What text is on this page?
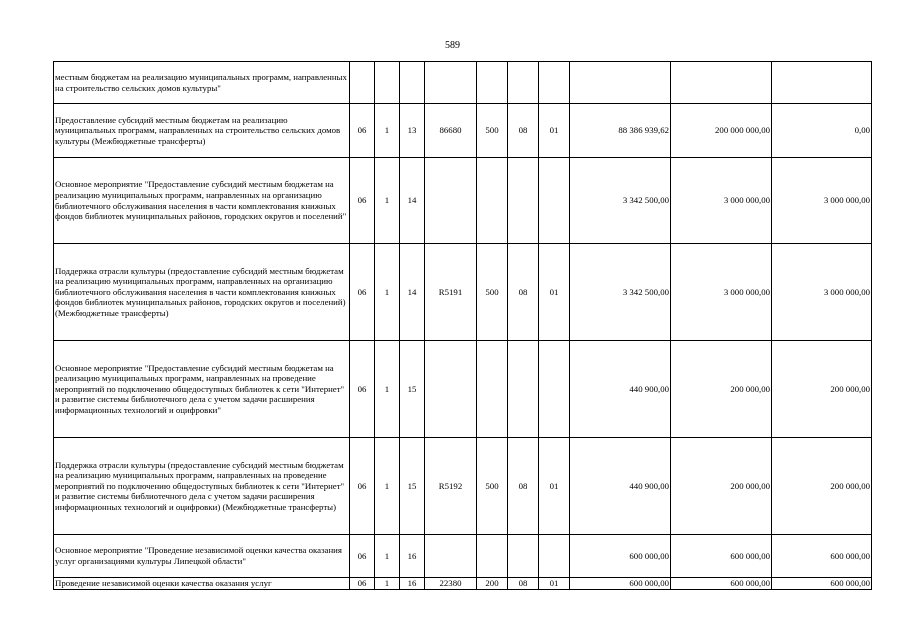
589
местным бюджетам на реализацию муниципальных программ, направленных на строительство сельских домов культуры"										
Предоставление субсидий местным бюджетам на реализацию муниципальных программ, направленных на строительство сельских домов культуры (Межбюджетные трансферты)	06	1	13	86680	500	08	01	88 386 939,62	200 000 000,00	0,00
Основное мероприятие "Предоставление субсидий местным бюджетам на реализацию муниципальных программ, направленных на организацию библиотечного обслуживания населения в части комплектования книжных фондов библиотек муниципальных районов, городских округов и поселений"	06	1	14					3 342 500,00	3 000 000,00	3 000 000,00
Поддержка отрасли культуры (предоставление субсидий местным бюджетам на реализацию муниципальных программ, направленных на организацию библиотечного обслуживания населения в части комплектования книжных фондов библиотек муниципальных районов, городских округов и поселений) (Межбюджетные трансферты)	06	1	14	R5191	500	08	01	3 342 500,00	3 000 000,00	3 000 000,00
Основное мероприятие "Предоставление субсидий местным бюджетам на реализацию муниципальных программ, направленных на проведение мероприятий по подключению общедоступных библиотек к сети "Интернет" и развитие системы библиотечного дела с учетом задачи расширения информационных технологий и оцифровки"	06	1	15					440 900,00	200 000,00	200 000,00
Поддержка отрасли культуры (предоставление субсидий местным бюджетам на реализацию муниципальных программ, направленных на проведение мероприятий по подключению общедоступных библиотек к сети "Интернет" и развитие системы библиотечного дела с учетом задачи расширения информационных технологий и оцифровки) (Межбюджетные трансферты)	06	1	15	R5192	500	08	01	440 900,00	200 000,00	200 000,00
Основное мероприятие "Проведение независимой оценки качества оказания услуг организациями культуры Липецкой области"	06	1	16					600 000,00	600 000,00	600 000,00
Проведение независимой оценки качества оказания услуг	06	1	16	22380	200	08	01	600 000,00	600 000,00	600 000,00
